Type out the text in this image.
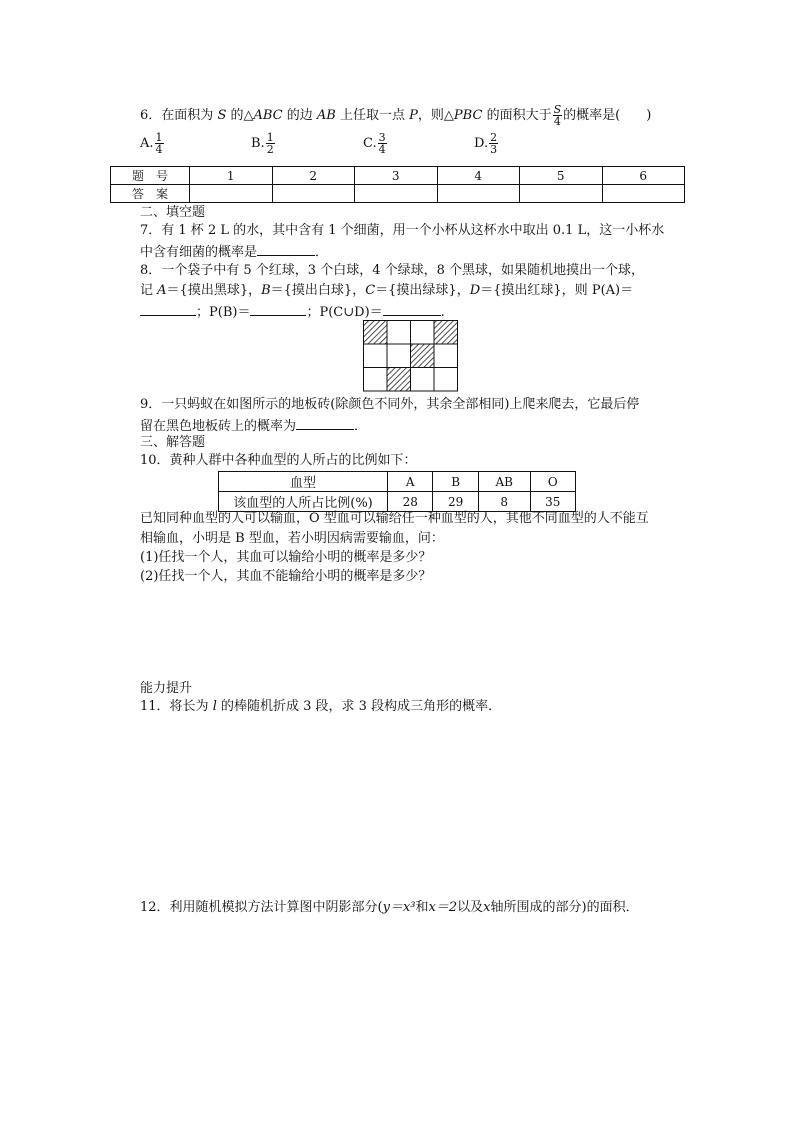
6．在面积为 S 的△ABC 的边 AB 上任取一点 P，则△PBC 的面积大于 $\frac{S}{4}$ 的概率是(　　)
A. $\frac{1}{4}$	B. $\frac{1}{2}$	C. $\frac{3}{4}$	D. $\frac{2}{3}$
题　号	1	2	3	4	5	6
答　案						
二、填空题
7．有 1 杯 2 L 的水，其中含有 1 个细菌，用一个小杯从这杯水中取出 0.1 L，这一小杯水
中含有细菌的概率是	．
8．一个袋子中有 5 个红球，3 个白球，4 个绿球，8 个黑球，如果随机地摸出一个球，
记 A＝{摸出黑球}，B＝{摸出白球}，C＝{摸出绿球}，D＝{摸出红球}，则 P(A)＝
；P(B)＝	；P(C∪D)＝	.
9．一只蚂蚁在如图所示的地板砖(除颜色不同外，其余全部相同)上爬来爬去，它最后停
留在黑色地板砖上的概率为	．
三、解答题
10．黄种人群中各种血型的人所占的比例如下：
血型	A	B	AB	O
该血型的人所占比例(%)	28	29	8	35
已知同种血型的人可以输血，O 型血可以输给任一种血型的人，其他不同血型的人不能互
相输血，小明是 B 型血，若小明因病需要输血，问：
(1)任找一个人，其血可以输给小明的概率是多少？
(2)任找一个人，其血不能输给小明的概率是多少？
能力提升
11．将长为 l 的棒随机折成 3 段，求 3 段构成三角形的概率．
12．利用随机模拟方法计算图中阴影部分(y＝x³和x＝2以及x轴所围成的部分)的面积．
